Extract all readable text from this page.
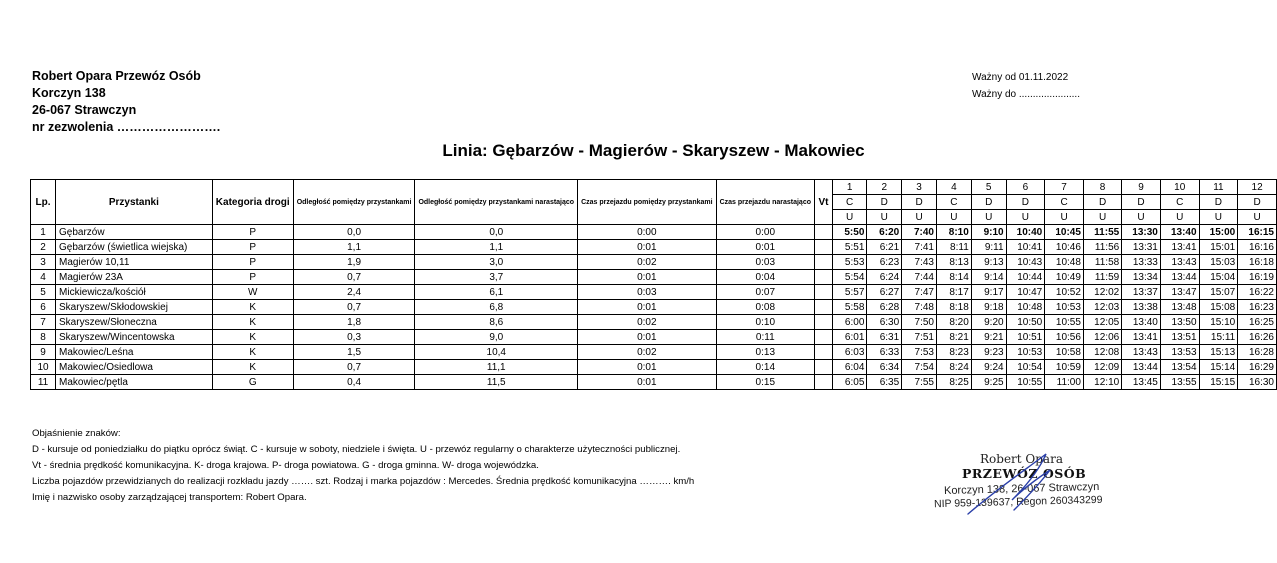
Robert Opara Przewóz Osób
Korczyn 138
26-067 Strawczyn
nr zezwolenia …………………….
Ważny od 01.11.2022
Ważny do ......................
Linia: Gębarzów - Magierów - Skaryszew - Makowiec
Lp.	Przystanki	Kategoria drogi	Odległość pomiędzy przystankami	Odległość pomiędzy przystankami narastająco	Czas przejazdu pomiędzy przystankami	Czas przejazdu narastająco	Vt	1	2	3	4	5	6	7	8	9	10	11	12
								C	D	D	C	D	D	C	D	D	C	D	D
								U	U	U	U	U	U	U	U	U	U	U	U
1	Gębarzów	P	0,0	0,0	0:00	0:00		5:50	6:20	7:40	8:10	9:10	10:40	10:45	11:55	13:30	13:40	15:00	16:15
2	Gębarzów (świetlica wiejska)	P	1,1	1,1	0:01	0:01		5:51	6:21	7:41	8:11	9:11	10:41	10:46	11:56	13:31	13:41	15:01	16:16
3	Magierów 10,11	P	1,9	3,0	0:02	0:03		5:53	6:23	7:43	8:13	9:13	10:43	10:48	11:58	13:33	13:43	15:03	16:18
4	Magierów 23A	P	0,7	3,7	0:01	0:04		5:54	6:24	7:44	8:14	9:14	10:44	10:49	11:59	13:34	13:44	15:04	16:19
5	Mickiewicza/kościół	W	2,4	6,1	0:03	0:07		5:57	6:27	7:47	8:17	9:17	10:47	10:52	12:02	13:37	13:47	15:07	16:22
6	Skaryszew/Skłodowskiej	K	0,7	6,8	0:01	0:08		5:58	6:28	7:48	8:18	9:18	10:48	10:53	12:03	13:38	13:48	15:08	16:23
7	Skaryszew/Słoneczna	K	1,8	8,6	0:02	0:10		6:00	6:30	7:50	8:20	9:20	10:50	10:55	12:05	13:40	13:50	15:10	16:25
8	Skaryszew/Wincentowska	K	0,3	9,0	0:01	0:11		6:01	6:31	7:51	8:21	9:21	10:51	10:56	12:06	13:41	13:51	15:11	16:26
9	Makowiec/Leśna	K	1,5	10,4	0:02	0:13		6:03	6:33	7:53	8:23	9:23	10:53	10:58	12:08	13:43	13:53	15:13	16:28
10	Makowiec/Osiedlowa	K	0,7	11,1	0:01	0:14		6:04	6:34	7:54	8:24	9:24	10:54	10:59	12:09	13:44	13:54	15:14	16:29
11	Makowiec/pętla	G	0,4	11,5	0:01	0:15		6:05	6:35	7:55	8:25	9:25	10:55	11:00	12:10	13:45	13:55	15:15	16:30
Objaśnienie znaków:
D - kursuje od poniedziałku do piątku oprócz świąt. C - kursuje w soboty, niedziele i święta. U - przewóz regularny o charakterze użyteczności publicznej.
Vt - średnia prędkość komunikacyjna. K- droga krajowa. P- droga powiatowa. G - droga gminna. W- droga wojewódzka.
Liczba pojazdów przewidzianych do realizacji rozkładu jazdy ……. szt. Rodzaj i marka pojazdów : Mercedes. Średnia prędkość komunikacyjna ………. km/h
Imię i nazwisko osoby zarządzającej transportem: Robert Opara.
Robert Opara
PRZEWÓZ OSÓB
Korczyn 138, 26-067 Strawczyn
NIP 959-139637, Regon 260343299
